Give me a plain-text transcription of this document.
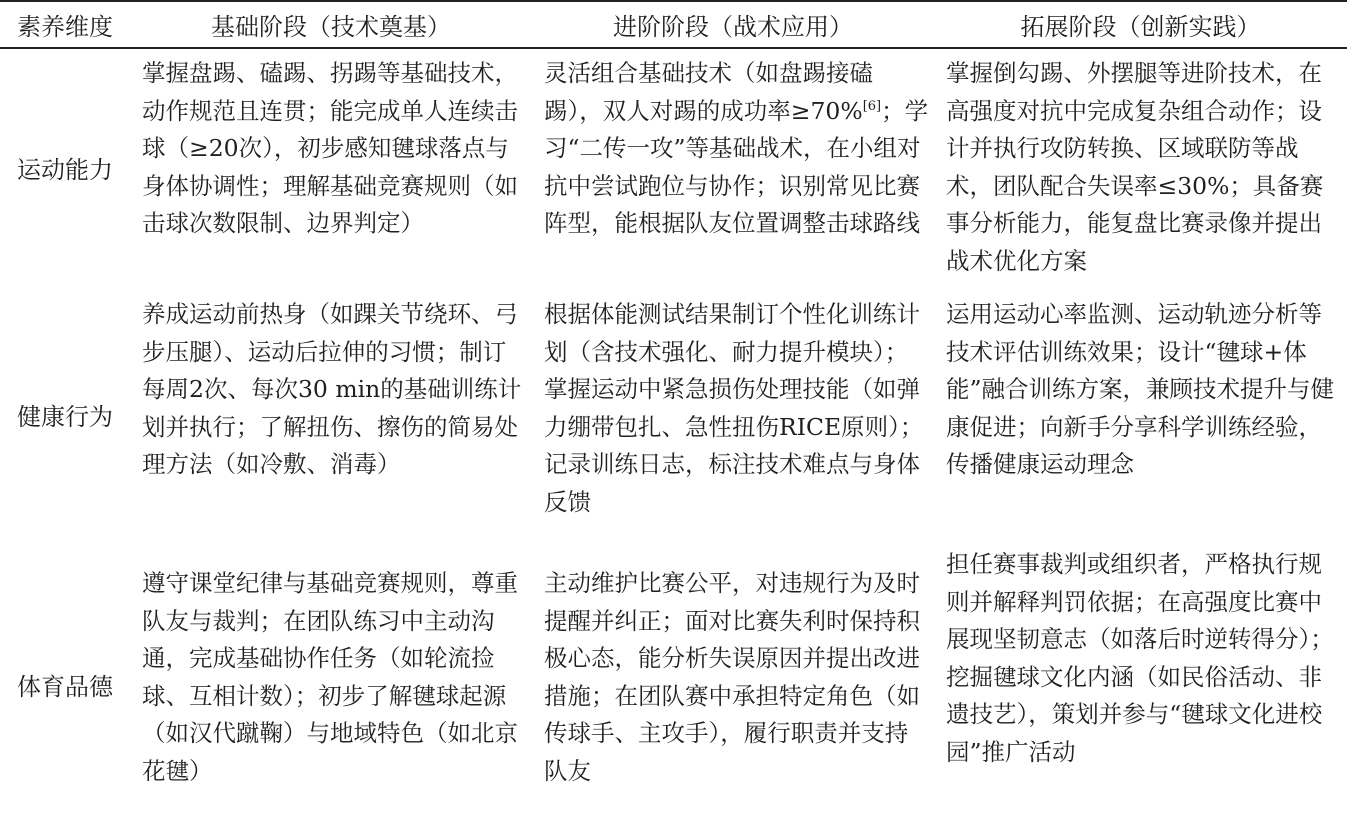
素养维度	基础阶段（技术奠基）	进阶阶段（战术应用）	拓展阶段（创新实践）
运动能力	掌握盘踢、磕踢、拐踢等基础技术，动作规范且连贯；能完成单人连续击球（≥20次），初步感知毽球落点与身体协调性；理解基础竞赛规则（如击球次数限制、边界判定）	灵活组合基础技术（如盘踢接磕踢），双人对踢的成功率≥70%[6]；学习“二传一攻”等基础战术，在小组对抗中尝试跑位与协作；识别常见比赛阵型，能根据队友位置调整击球路线	掌握倒勾踢、外摆腿等进阶技术，在高强度对抗中完成复杂组合动作；设计并执行攻防转换、区域联防等战术，团队配合失误率≤30%；具备赛事分析能力，能复盘比赛录像并提出战术优化方案

健康行为	养成运动前热身（如踝关节绕环、弓步压腿）、运动后拉伸的习惯；制订每周2次、每次30 min的基础训练计划并执行；了解扭伤、擦伤的简易处理方法（如冷敷、消毒）	根据体能测试结果制订个性化训练计划（含技术强化、耐力提升模块）；掌握运动中紧急损伤处理技能（如弹力绷带包扎、急性扭伤RICE原则）；记录训练日志，标注技术难点与身体反馈	运用运动心率监测、运动轨迹分析等技术评估训练效果；设计“毽球+体能”融合训练方案，兼顾技术提升与健康促进；向新手分享科学训练经验，传播健康运动理念

体育品德	遵守课堂纪律与基础竞赛规则，尊重队友与裁判；在团队练习中主动沟通，完成基础协作任务（如轮流捡球、互相计数）；初步了解毽球起源（如汉代蹴鞠）与地域特色（如北京花毽）	主动维护比赛公平，对违规行为及时提醒并纠正；面对比赛失利时保持积极心态，能分析失误原因并提出改进措施；在团队赛中承担特定角色（如传球手、主攻手），履行职责并支持队友	担任赛事裁判或组织者，严格执行规则并解释判罚依据；在高强度比赛中展现坚韧意志（如落后时逆转得分）；挖掘毽球文化内涵（如民俗活动、非遗技艺），策划并参与“毽球文化进校园”推广活动
